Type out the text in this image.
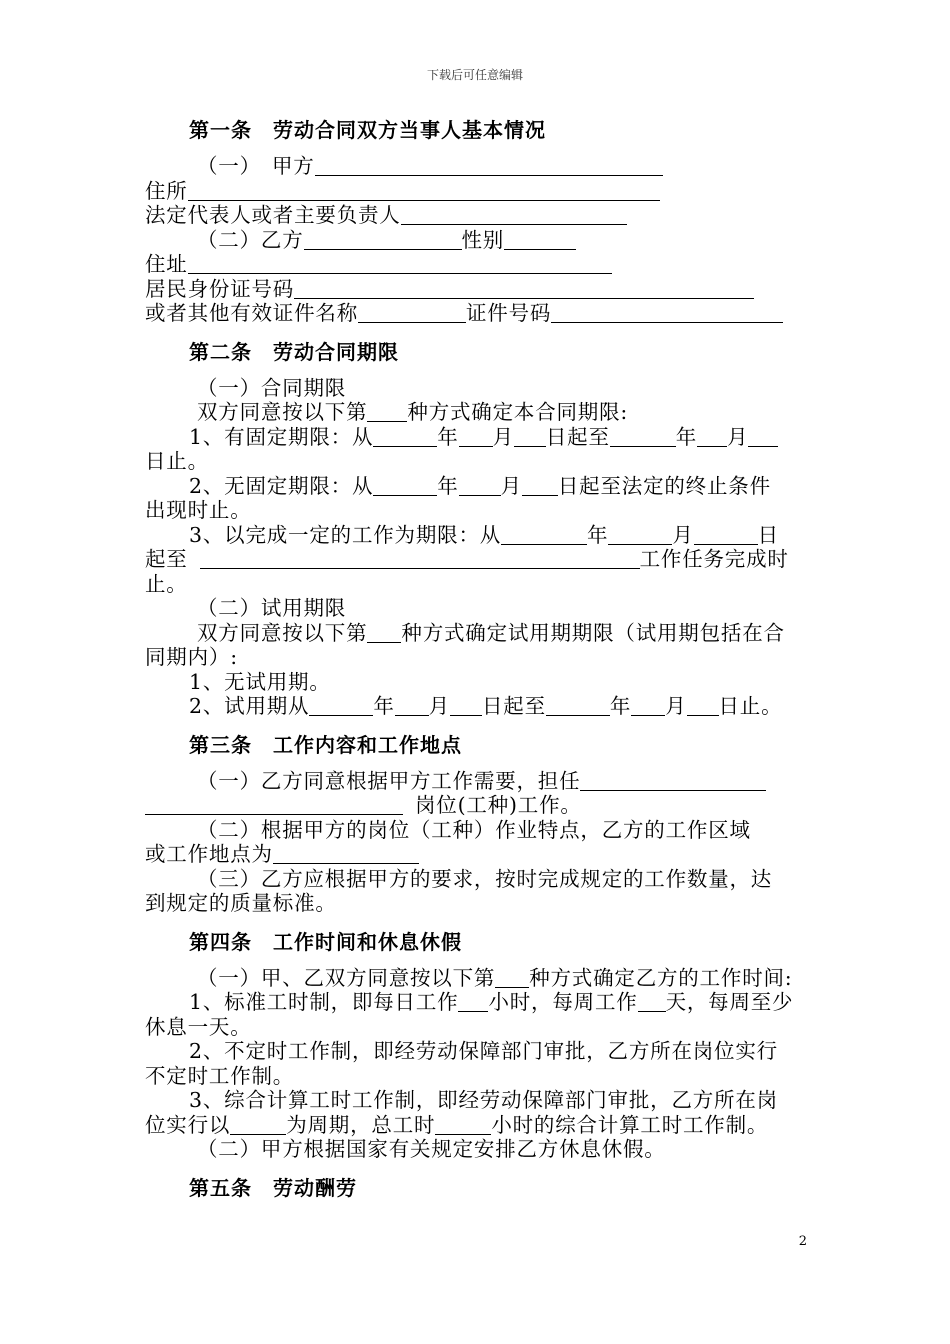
下载后可任意编辑
第一条　劳动合同双方当事人基本情况
（一）　甲方
住所
法定代表人或者主要负责人
（二）乙方	性别
住址
居民身份证号码
或者其他有效证件名称	证件号码
第二条　劳动合同期限
（一）合同期限
双方同意按以下第 种方式确定本合同期限:
1、有固定期限：从	年 月 日起至	年 月
日止。
2、无固定期限：从	年 月 日起至法定的终止条件
出现时止。
3、以完成一定的工作为期限：从	年	月	日
起至	工作任务完成时
止。
（二）试用期限
双方同意按以下第 种方式确定试用期期限（试用期包括在合
同期内）:
1、无试用期。
2、试用期从	年 月 日起至	年 月 日止。
第三条　工作内容和工作地点
（一）乙方同意根据甲方工作需要，担任
岗位(工种)工作。
（二）根据甲方的岗位（工种）作业特点，乙方的工作区域
或工作地点为
（三）乙方应根据甲方的要求，按时完成规定的工作数量，达
到规定的质量标准。
第四条　工作时间和休息休假
（一）甲、乙双方同意按以下第 种方式确定乙方的工作时间:
1、标准工时制，即每日工作 小时，每周工作 天，每周至少
休息一天。
2、不定时工作制，即经劳动保障部门审批，乙方所在岗位实行
不定时工作制。
3、综合计算工时工作制，即经劳动保障部门审批，乙方所在岗
位实行以	为周期，总工时	小时的综合计算工时工作制。
（二）甲方根据国家有关规定安排乙方休息休假。
第五条　劳动酬劳
2
